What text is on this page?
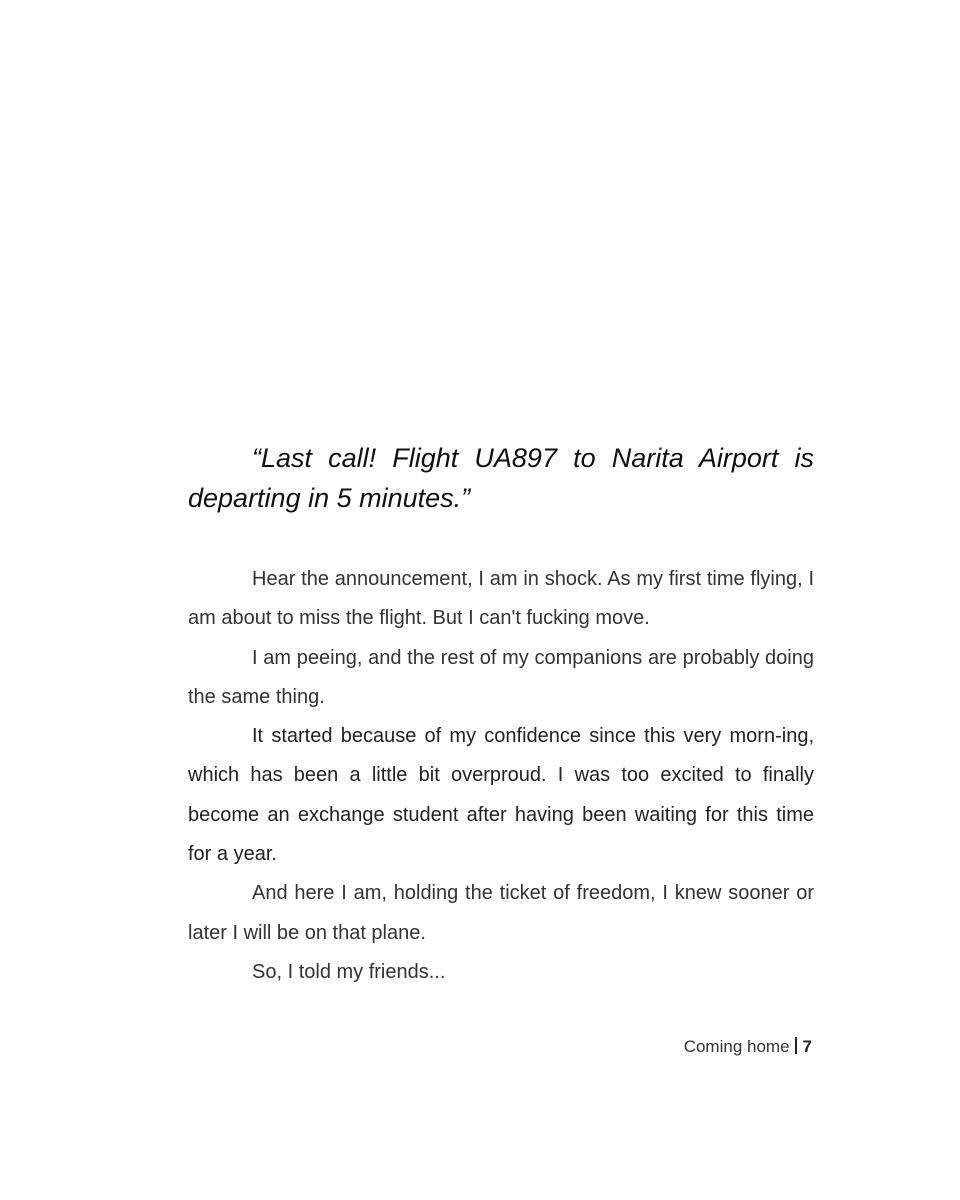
“Last call! Flight UA897 to Narita Airport is departing in 5 minutes.”

Hear the announcement, I am in shock. As my first time flying, I am about to miss the flight. But I can't fucking move.

I am peeing, and the rest of my companions are probably doing the same thing.

It started because of my confidence since this very morn-ing, which has been a little bit overproud. I was too excited to finally become an exchange student after having been waiting for this time for a year.

And here I am, holding the ticket of freedom, I knew sooner or later I will be on that plane.

So, I told my friends...

Coming home 7
